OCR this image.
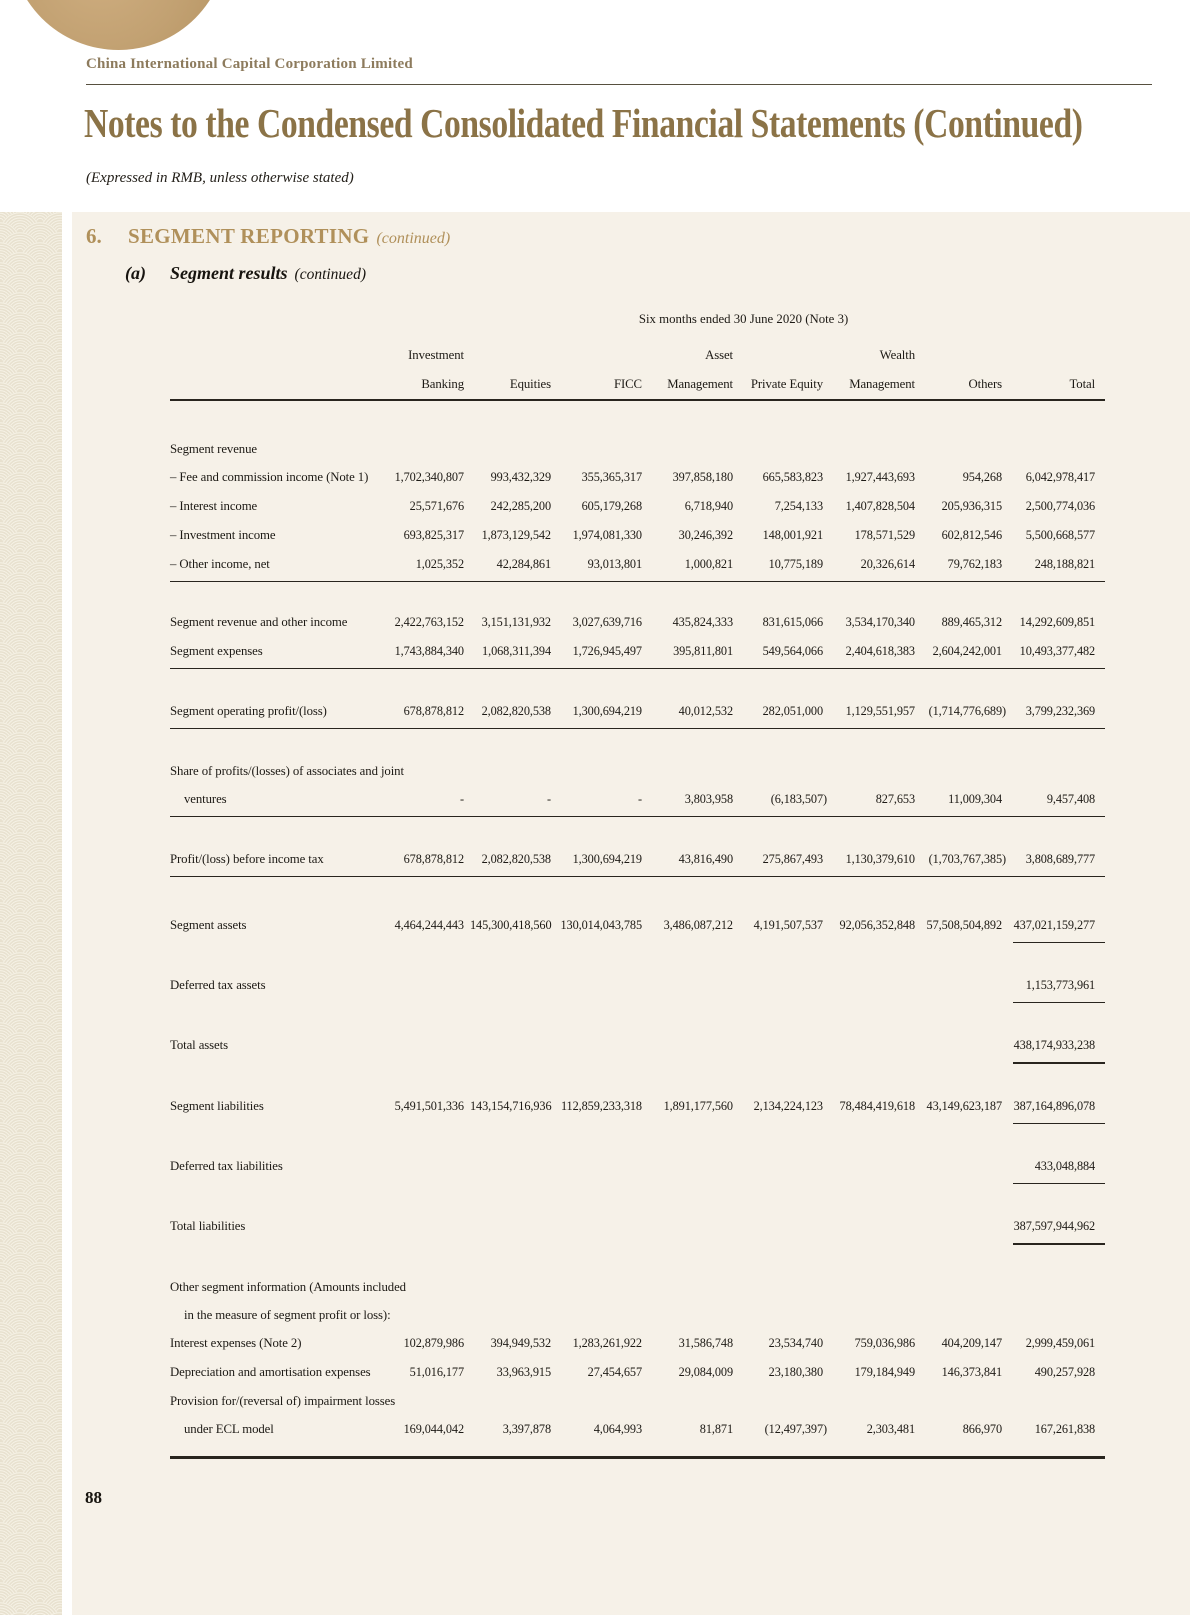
China International Capital Corporation Limited
Notes to the Condensed Consolidated Financial Statements (Continued)
(Expressed in RMB, unless otherwise stated)
6. SEGMENT REPORTING (continued)
(a) Segment results (continued)
	Six months ended 30 June 2020 (Note 3)							

	Investment			Asset		Wealth		
	Banking	Equities	FICC	Management	Private Equity	Management	Others	Total

Segment revenue								
– Fee and commission income (Note 1)	1,702,340,807	993,432,329	355,365,317	397,858,180	665,583,823	1,927,443,693	954,268	6,042,978,417
– Interest income	25,571,676	242,285,200	605,179,268	6,718,940	7,254,133	1,407,828,504	205,936,315	2,500,774,036
– Investment income	693,825,317	1,873,129,542	1,974,081,330	30,246,392	148,001,921	178,571,529	602,812,546	5,500,668,577
– Other income, net	1,025,352	42,284,861	93,013,801	1,000,821	10,775,189	20,326,614	79,762,183	248,188,821

Segment revenue and other income	2,422,763,152	3,151,131,932	3,027,639,716	435,824,333	831,615,066	3,534,170,340	889,465,312	14,292,609,851
Segment expenses	1,743,884,340	1,068,311,394	1,726,945,497	395,811,801	549,564,066	2,404,618,383	2,604,242,001	10,493,377,482

Segment operating profit/(loss)	678,878,812	2,082,820,538	1,300,694,219	40,012,532	282,051,000	1,129,551,957	(1,714,776,689)	3,799,232,369

Share of profits/(losses) of associates and joint								
ventures	-	-	-	3,803,958	(6,183,507)	827,653	11,009,304	9,457,408

Profit/(loss) before income tax	678,878,812	2,082,820,538	1,300,694,219	43,816,490	275,867,493	1,130,379,610	(1,703,767,385)	3,808,689,777

Segment assets	4,464,244,443	145,300,418,560	130,014,043,785	3,486,087,212	4,191,507,537	92,056,352,848	57,508,504,892	437,021,159,277

Deferred tax assets								1,153,773,961

Total assets								438,174,933,238

Segment liabilities	5,491,501,336	143,154,716,936	112,859,233,318	1,891,177,560	2,134,224,123	78,484,419,618	43,149,623,187	387,164,896,078

Deferred tax liabilities								433,048,884

Total liabilities								387,597,944,962

Other segment information (Amounts included								
in the measure of segment profit or loss):								
Interest expenses (Note 2)	102,879,986	394,949,532	1,283,261,922	31,586,748	23,534,740	759,036,986	404,209,147	2,999,459,061
Depreciation and amortisation expenses	51,016,177	33,963,915	27,454,657	29,084,009	23,180,380	179,184,949	146,373,841	490,257,928
Provision for/(reversal of) impairment losses								
under ECL model	169,044,042	3,397,878	4,064,993	81,871	(12,497,397)	2,303,481	866,970	167,261,838

88
